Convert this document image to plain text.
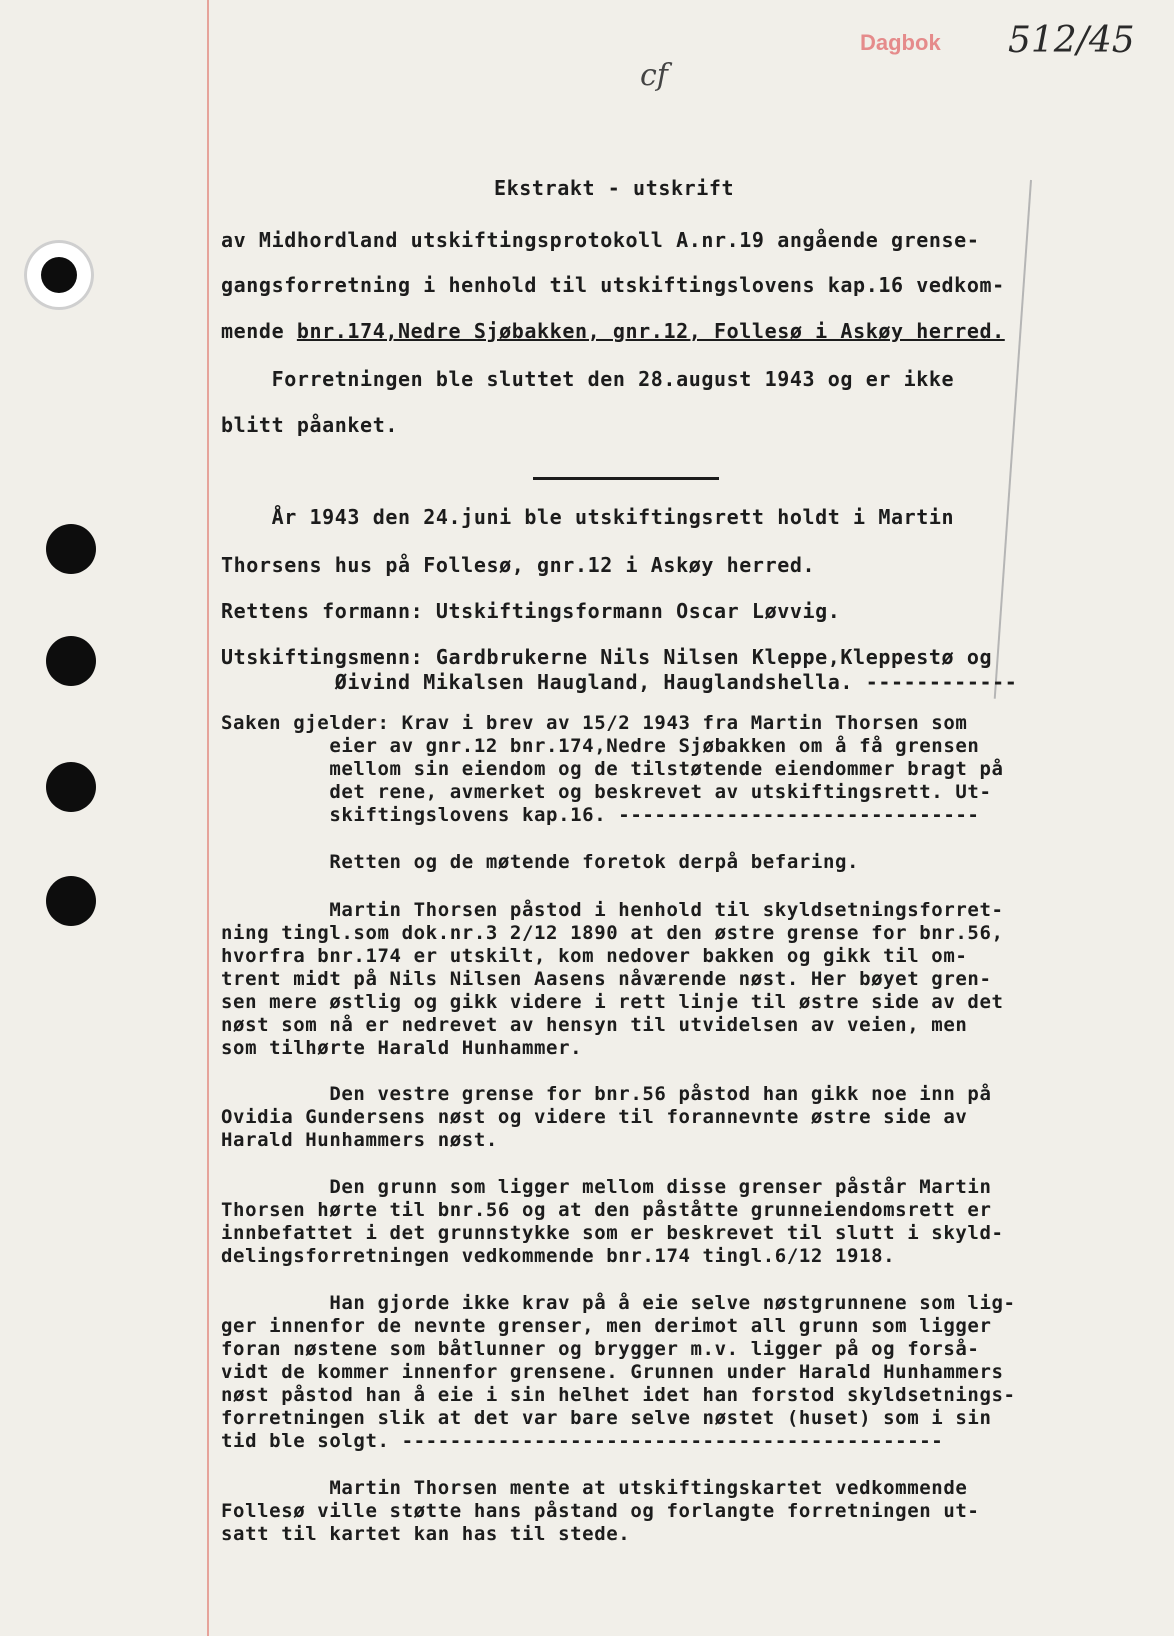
Dagbok 512/45
cf
Ekstrakt - utskrift
av Midhordland utskiftingsprotokoll A.nr.19 angående grense-
gangsforretning i henhold til utskiftingslovens kap.16 vedkom-
mende bnr.174,Nedre Sjøbakken, gnr.12, Follesø i Askøy herred.
Forretningen ble sluttet den 28.august 1943 og er ikke
blitt påanket.
År 1943 den 24.juni ble utskiftingsrett holdt i Martin
Thorsens hus på Follesø, gnr.12 i Askøy herred.
Rettens formann: Utskiftingsformann Oscar Løvvig.
Utskiftingsmenn: Gardbrukerne Nils Nilsen Kleppe,Kleppestø og
Øivind Mikalsen Haugland, Hauglandshella. ------------
Saken gjelder: Krav i brev av 15/2 1943 fra Martin Thorsen som
eier av gnr.12 bnr.174,Nedre Sjøbakken om å få grensen
mellom sin eiendom og de tilstøtende eiendommer bragt på
det rene, avmerket og beskrevet av utskiftingsrett. Ut-
skiftingslovens kap.16. ------------------------------
Retten og de møtende foretok derpå befaring.
Martin Thorsen påstod i henhold til skyldsetningsforret-
ning tingl.som dok.nr.3 2/12 1890 at den østre grense for bnr.56,
hvorfra bnr.174 er utskilt, kom nedover bakken og gikk til om-
trent midt på Nils Nilsen Aasens nåværende nøst. Her bøyet gren-
sen mere østlig og gikk videre i rett linje til østre side av det
nøst som nå er nedrevet av hensyn til utvidelsen av veien, men
som tilhørte Harald Hunhammer.
Den vestre grense for bnr.56 påstod han gikk noe inn på
Ovidia Gundersens nøst og videre til forannevnte østre side av
Harald Hunhammers nøst.
Den grunn som ligger mellom disse grenser påstår Martin
Thorsen hørte til bnr.56 og at den påståtte grunneiendomsrett er
innbefattet i det grunnstykke som er beskrevet til slutt i skyld-
delingsforretningen vedkommende bnr.174 tingl.6/12 1918.
Han gjorde ikke krav på å eie selve nøstgrunnene som lig-
ger innenfor de nevnte grenser, men derimot all grunn som ligger
foran nøstene som båtlunner og brygger m.v. ligger på og forså-
vidt de kommer innenfor grensene. Grunnen under Harald Hunhammers
nøst påstod han å eie i sin helhet idet han forstod skyldsetnings-
forretningen slik at det var bare selve nøstet (huset) som i sin
tid ble solgt. ---------------------------------------------
Martin Thorsen mente at utskiftingskartet vedkommende
Follesø ville støtte hans påstand og forlangte forretningen ut-
satt til kartet kan has til stede.
